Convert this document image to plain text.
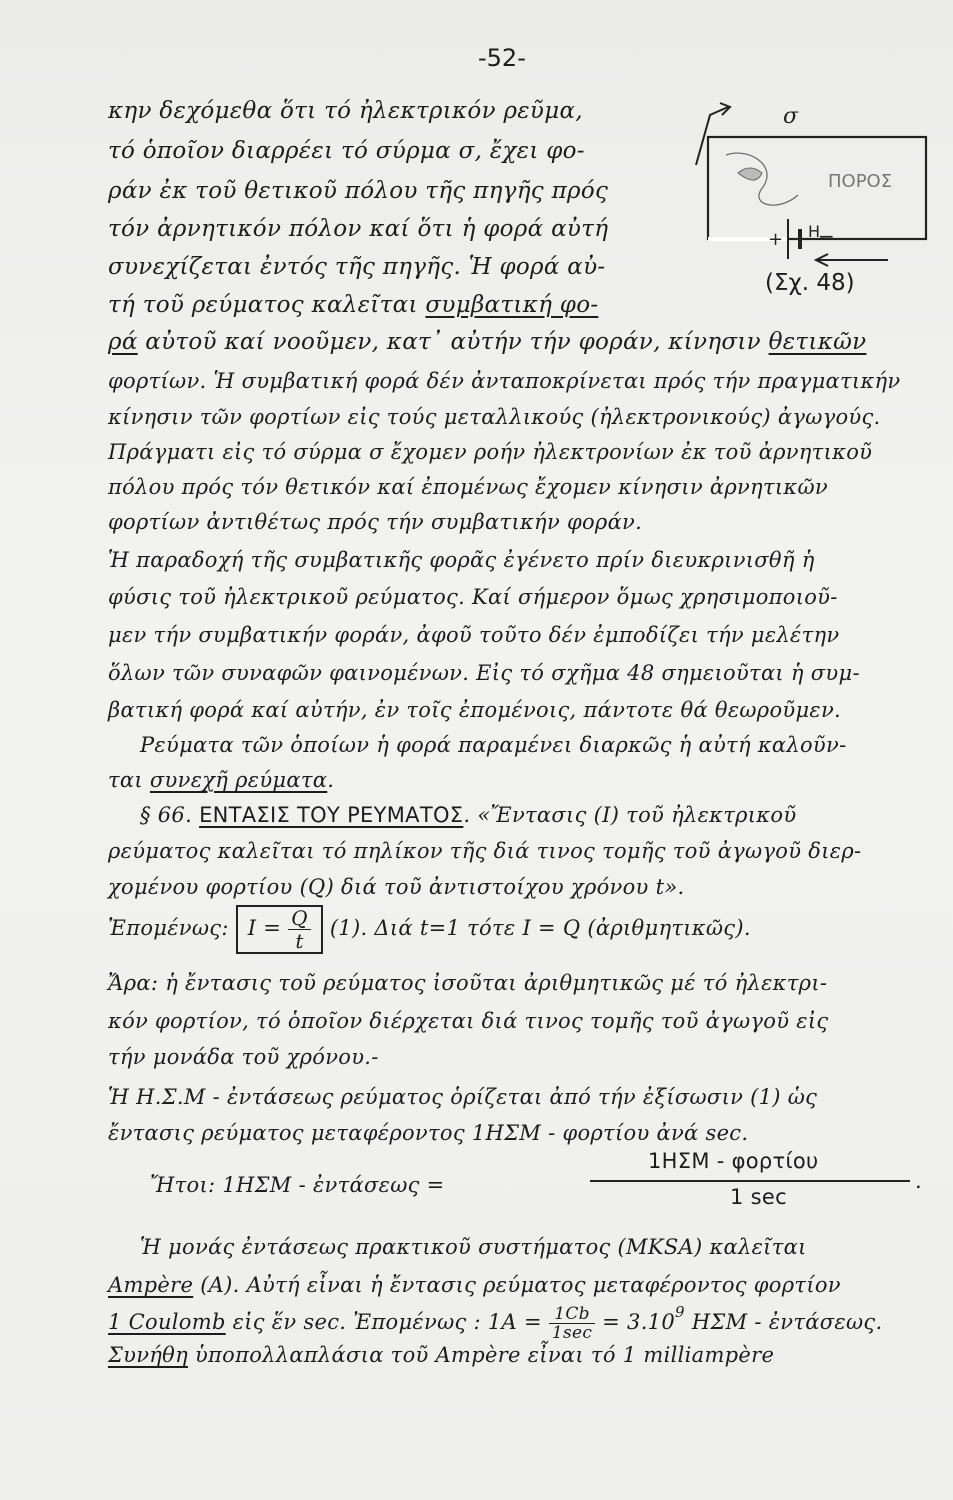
-52-
ΠΟΡΟΣ
+ Η
−
σ
(Σχ. 48)
κην δεχόμεθα ὅτι τό ἠλεκτρικόν ρεῦμα,
τό ὁποῖον διαρρέει τό σύρμα σ, ἔχει φο-
ράν ἐκ τοῦ θετικοῦ πόλου τῆς πηγῆς πρός
τόν ἀρνητικόν πόλον καί ὅτι ἡ φορά αὐτή
συνεχίζεται ἐντός τῆς πηγῆς. Ἡ φορά αὐ-
τή τοῦ ρεύματος καλεῖται συμβατική φο-
ρά αὐτοῦ καί νοοῦμεν, κατ᾽ αὐτήν τήν φοράν, κίνησιν θετικῶν
φορτίων. Ἡ συμβατική φορά δέν ἀνταποκρίνεται πρός τήν πραγματικήν
κίνησιν τῶν φορτίων εἰς τούς μεταλλικούς (ἠλεκτρονικούς) ἀγωγούς.
Πράγματι εἰς τό σύρμα σ ἔχομεν ροήν ἠλεκτρονίων ἐκ τοῦ ἀρνητικοῦ
πόλου πρός τόν θετικόν καί ἐπομένως ἔχομεν κίνησιν ἀρνητικῶν
φορτίων ἀντιθέτως πρός τήν συμβατικήν φοράν.
Ἡ παραδοχή τῆς συμβατικῆς φορᾶς ἐγένετο πρίν διευκρινισθῆ ἡ
φύσις τοῦ ἠλεκτρικοῦ ρεύματος. Καί σήμερον ὅμως χρησιμοποιοῦ-
μεν τήν συμβατικήν φοράν, ἀφοῦ τοῦτο δέν ἐμποδίζει τήν μελέτην
ὅλων τῶν συναφῶν φαινομένων. Εἰς τό σχῆμα 48 σημειοῦται ἡ συμ-
βατική φορά καί αὐτήν, ἐν τοῖς ἐπομένοις, πάντοτε θά θεωροῦμεν.
Ρεύματα τῶν ὁποίων ἡ φορά παραμένει διαρκῶς ἡ αὐτή καλοῦν-
ται συνεχῆ ρεύματα.
§ 66. ΕΝΤΑΣΙΣ ΤΟΥ ΡΕΥΜΑΤΟΣ. «Ἔντασις (I) τοῦ ἠλεκτρικοῦ
ρεύματος καλεῖται τό πηλίκον τῆς διά τινος τομῆς τοῦ ἀγωγοῦ διερ-
χομένου φορτίου (Q) διά τοῦ ἀντιστοίχου χρόνου t».
Ἐπομένως: $I = \frac{Q}{t} (1)$. Διά t=1 τότε I = Q (ἀριθμητικῶς).
Ἄρα: ἡ ἔντασις τοῦ ρεύματος ἰσοῦται ἀριθμητικῶς μέ τό ἠλεκτρι-
κόν φορτίον, τό ὁποῖον διέρχεται διά τινος τομῆς τοῦ ἀγωγοῦ εἰς
τήν μονάδα τοῦ χρόνου.-
Ἡ Η.Σ.Μ - ἐντάσεως ρεύματος ὁρίζεται ἀπό τήν ἐξίσωσιν (1) ὡς
ἔντασις ρεύματος μεταφέροντος 1ΗΣΜ - φορτίου ἀνά sec.
Ἤτοι: 1ΗΣΜ - ἐντάσεως =
1ΗΣΜ - φορτίου
1 sec
.
Ἡ μονάς ἐντάσεως πρακτικοῦ συστήματος (MKSA) καλεῖται
Ampère (A). Αὐτή εἶναι ἡ ἔντασις ρεύματος μεταφέροντος φορτίον
1 Coulomb εἰς ἕν sec. Ἐπομένως : $1A = \frac{1Cb}{1\sec} = 3.10^9$ ΗΣΜ - ἐντάσεως.
Συνήθη ὑποπολλαπλάσια τοῦ Ampère εἶναι τό 1 milliampère
